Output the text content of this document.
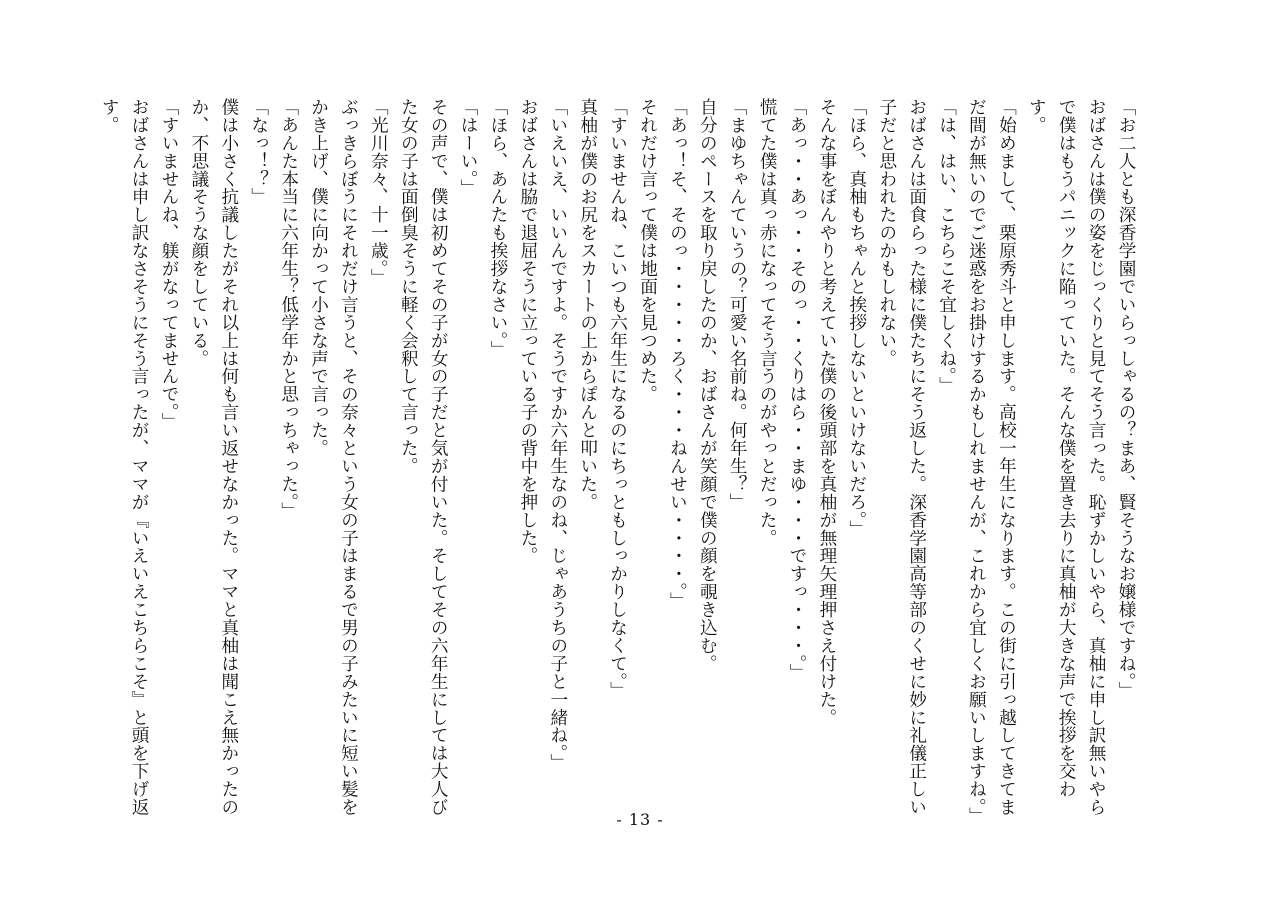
「お二人とも深香学園でいらっしゃるの？まあ、賢そうなお嬢様ですね。」

おばさんは僕の姿をじっくりと見てそう言った。恥ずかしいやら、真柚に申し訳無いやら

で僕はもうパニックに陥っていた。そんな僕を置き去りに真柚が大きな声で挨拶を交わす。

「始めまして、栗原秀斗と申します。高校一年生になります。この街に引っ越してきてま

だ間が無いのでご迷惑をお掛けするかもしれませんが、これから宜しくお願いしますね。」

「は、はい、こちらこそ宜しくね。」

おばさんは面食らった様に僕たちにそう返した。深香学園高等部のくせに妙に礼儀正しい

子だと思われたのかもしれない。

「ほら、真柚もちゃんと挨拶しないといけないだろ。」

そんな事をぼんやりと考えていた僕の後頭部を真柚が無理矢理押さえ付けた。

「あっ・・あっ・・そのっ・・くりはら・・まゆ・・・ですっ・・・。」

慌てた僕は真っ赤になってそう言うのがやっとだった。

「まゆちゃんていうの？可愛い名前ね。何年生？」

自分のペースを取り戻したのか、おばさんが笑顔で僕の顔を覗き込む。

「あっ！そ、そのっ・・・・・ろく・・・ねんせい・・・・。」

それだけ言って僕は地面を見つめた。

「すいませんね、こいつも六年生になるのにちっともしっかりしなくて。」

真柚が僕のお尻をスカートの上からぽんと叩いた。

「いえいえ、いいんですよ。そうですか六年生なのね、じゃあうちの子と一緒ね。」

おばさんは脇で退屈そうに立っている子の背中を押した。

「ほら、あんたも挨拶なさい。」

「はーい。」

その声で、僕は初めてその子が女の子だと気が付いた。そしてその六年生にしては大人び

た女の子は面倒臭そうに軽く会釈して言った。

「光川奈々、十一歳。」

ぶっきらぼうにそれだけ言うと、その奈々という女の子はまるで男の子みたいに短い髪を

かき上げ、僕に向かって小さな声で言った。

「あんた本当に六年生？低学年かと思っちゃった。」

「なっ！？」

僕は小さく抗議したがそれ以上は何も言い返せなかった。ママと真柚は聞こえ無かったの

か、不思議そうな顔をしている。

「すいませんね、躾がなってませんで。」

おばさんは申し訳なさそうにそう言ったが、ママが『いえいえこちらこそ』と頭を下げ返

す。

- 13 -
